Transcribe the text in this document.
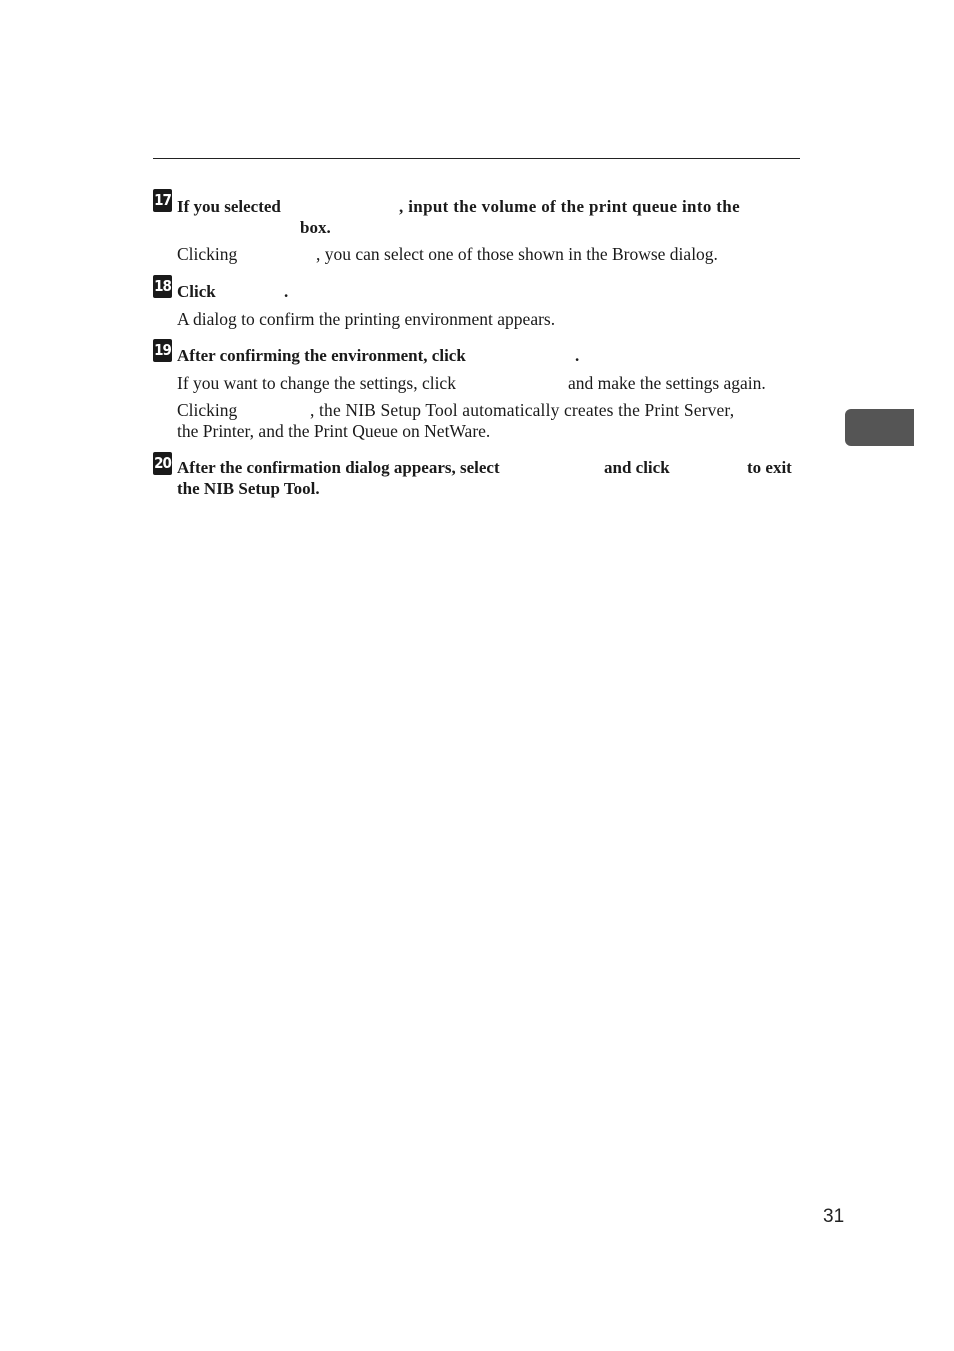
17 If you selected	, input the volume of the print queue into the
box.
Clicking	, you can select one of those shown in the Browse dialog.
18 Click	.
A dialog to confirm the printing environment appears.
19 After confirming the environment, click	.
If you want to change the settings, click	and make the settings again.
Clicking	, the NIB Setup Tool automatically creates the Print Server,
the Printer, and the Print Queue on NetWare.
20 After the confirmation dialog appears, select	and click	to exit
the NIB Setup Tool.
31
